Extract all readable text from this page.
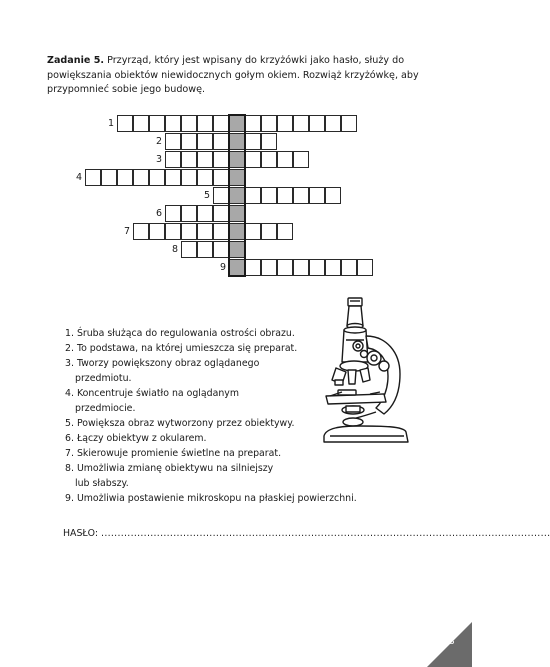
Zadanie 5. Przyrząd, który jest wpisany do krzyżówki jako hasło, służy do powiększania obiektów niewidocznych gołym okiem. Rozwiąż krzyżówkę, aby przypomnieć sobie jego budowę.
1
2
3
4
5
6
7
8
9
1. Śruba służąca do regulowania ostrości obrazu.
2. To podstawa, na której umieszcza się preparat.
3. Tworzy powiększony obraz oglądanego
przedmiotu.
4. Koncentruje światło na oglądanym
przedmiocie.
5. Powiększa obraz wytworzony przez obiektywy.
6. Łączy obiektyw z okularem.
7. Skierowuje promienie świetlne na preparat.
8. Umożliwia zmianę obiektywu na silniejszy
lub słabszy.
9. Umożliwia postawienie mikroskopu na płaskiej powierzchni.
HASŁO: .........................................................................................................................................
3
